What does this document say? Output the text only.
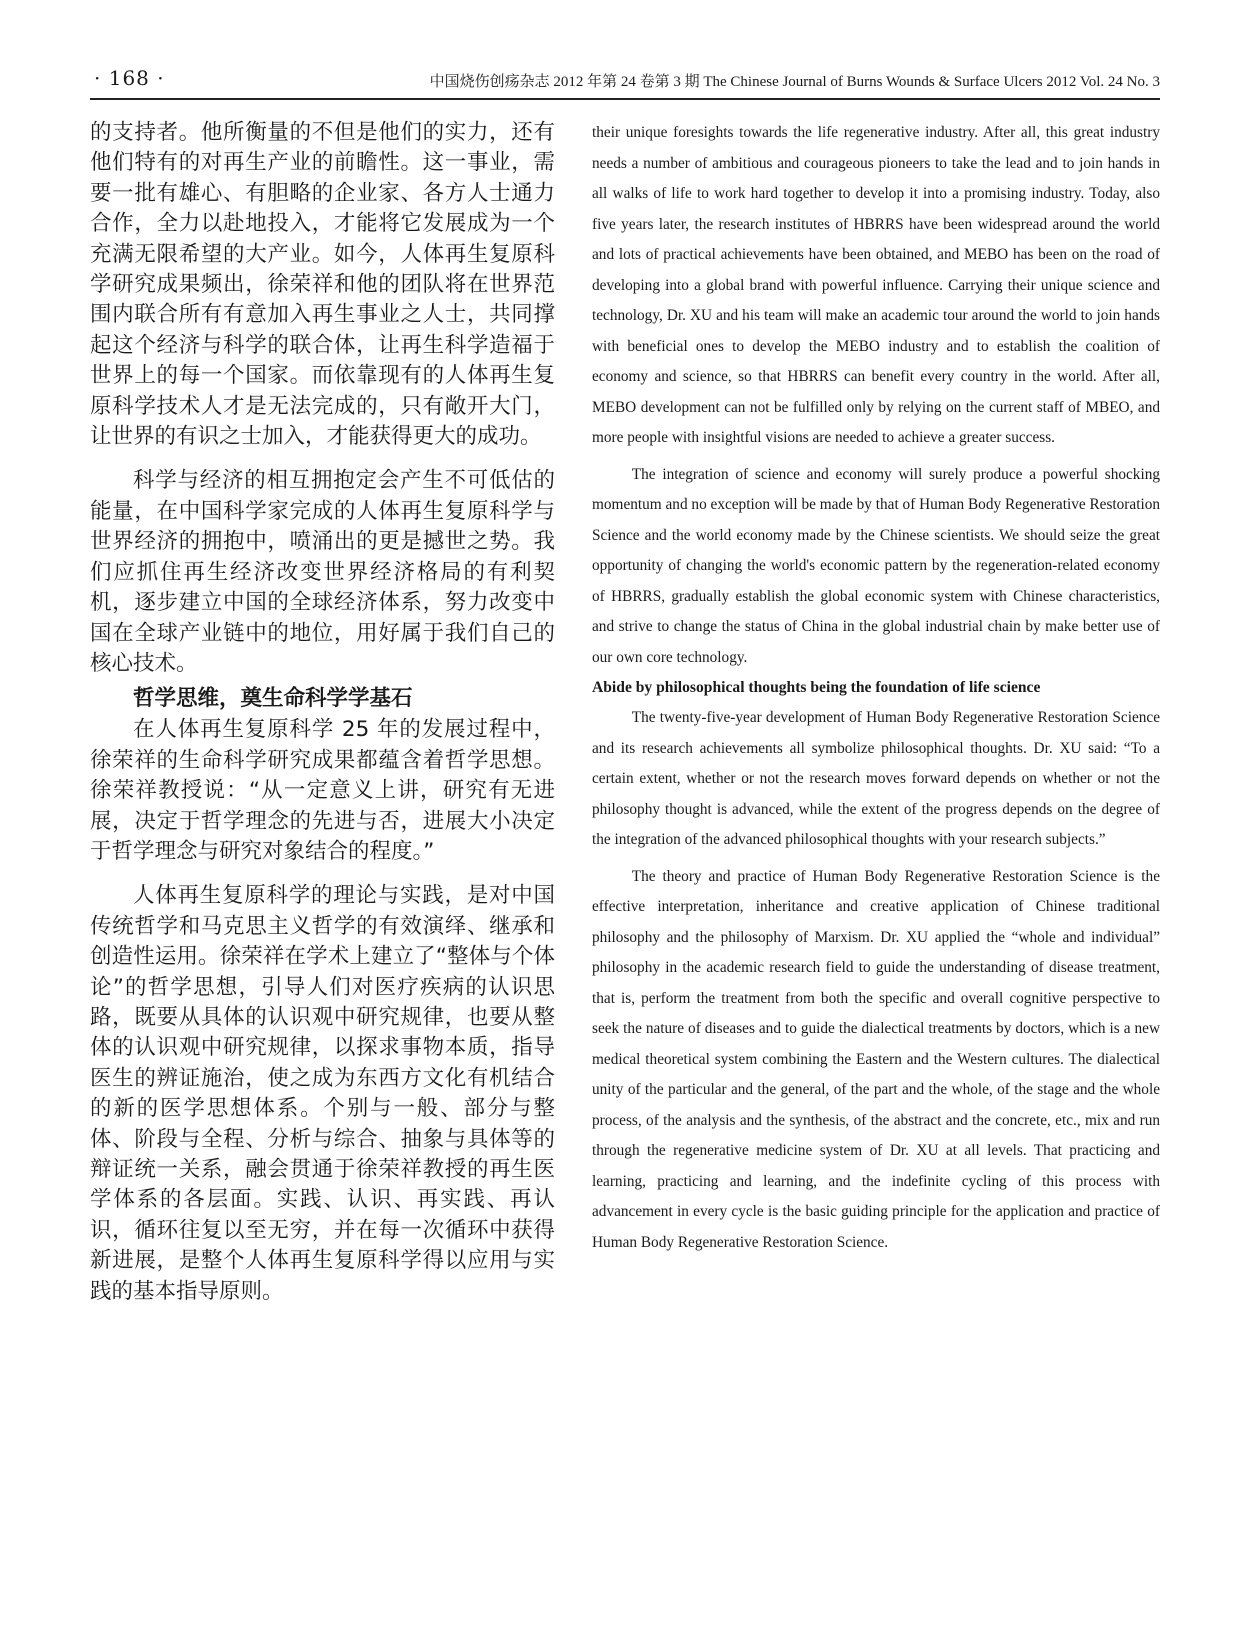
· 168 ·	中国烧伤创疡杂志 2012 年第 24 卷第 3 期 The Chinese Journal of Burns Wounds & Surface Ulcers 2012 Vol. 24 No. 3

的支持者。他所衡量的不但是他们的实力，还有他们特有的对再生产业的前瞻性。这一事业，需要一批有雄心、有胆略的企业家、各方人士通力合作，全力以赴地投入，才能将它发展成为一个充满无限希望的大产业。如今，人体再生复原科学研究成果频出，徐荣祥和他的团队将在世界范围内联合所有有意加入再生事业之人士，共同撑起这个经济与科学的联合体，让再生科学造福于世界上的每一个国家。而依靠现有的人体再生复原科学技术人才是无法完成的，只有敞开大门，让世界的有识之士加入，才能获得更大的成功。

科学与经济的相互拥抱定会产生不可低估的能量，在中国科学家完成的人体再生复原科学与世界经济的拥抱中，喷涌出的更是撼世之势。我们应抓住再生经济改变世界经济格局的有利契机，逐步建立中国的全球经济体系，努力改变中国在全球产业链中的地位，用好属于我们自己的核心技术。

哲学思维，奠生命科学学基石

在人体再生复原科学 25 年的发展过程中，徐荣祥的生命科学研究成果都蕴含着哲学思想。徐荣祥教授说：“从一定意义上讲，研究有无进展，决定于哲学理念的先进与否，进展大小决定于哲学理念与研究对象结合的程度。”

人体再生复原科学的理论与实践，是对中国传统哲学和马克思主义哲学的有效演绎、继承和创造性运用。徐荣祥在学术上建立了“整体与个体论”的哲学思想，引导人们对医疗疾病的认识思路，既要从具体的认识观中研究规律，也要从整体的认识观中研究规律，以探求事物本质，指导医生的辨证施治，使之成为东西方文化有机结合的新的医学思想体系。个别与一般、部分与整体、阶段与全程、分析与综合、抽象与具体等的辩证统一关系，融会贯通于徐荣祥教授的再生医学体系的各层面。实践、认识、再实践、再认识，循环往复以至无穷，并在每一次循环中获得新进展，是整个人体再生复原科学得以应用与实践的基本指导原则。

their unique foresights towards the life regenerative industry. After all, this great industry needs a number of ambitious and courageous pioneers to take the lead and to join hands in all walks of life to work hard together to develop it into a promising industry. Today, also five years later, the research institutes of HBRRS have been widespread around the world and lots of practical achievements have been obtained, and MEBO has been on the road of developing into a global brand with powerful influence. Carrying their unique science and technology, Dr. XU and his team will make an academic tour around the world to join hands with beneficial ones to develop the MEBO industry and to establish the coalition of economy and science, so that HBRRS can benefit every country in the world. After all, MEBO development can not be fulfilled only by relying on the current staff of MBEO, and more people with insightful visions are needed to achieve a greater success.

The integration of science and economy will surely produce a powerful shocking momentum and no exception will be made by that of Human Body Regenerative Restoration Science and the world economy made by the Chinese scientists. We should seize the great opportunity of changing the world's economic pattern by the regeneration-related economy of HBRRS, gradually establish the global economic system with Chinese characteristics, and strive to change the status of China in the global industrial chain by make better use of our own core technology.

Abide by philosophical thoughts being the foundation of life science

The twenty-five-year development of Human Body Regenerative Restoration Science and its research achievements all symbolize philosophical thoughts. Dr. XU said: “To a certain extent, whether or not the research moves forward depends on whether or not the philosophy thought is advanced, while the extent of the progress depends on the degree of the integration of the advanced philosophical thoughts with your research subjects.”

The theory and practice of Human Body Regenerative Restoration Science is the effective interpretation, inheritance and creative application of Chinese traditional philosophy and the philosophy of Marxism. Dr. XU applied the “whole and individual” philosophy in the academic research field to guide the understanding of disease treatment, that is, perform the treatment from both the specific and overall cognitive perspective to seek the nature of diseases and to guide the dialectical treatments by doctors, which is a new medical theoretical system combining the Eastern and the Western cultures. The dialectical unity of the particular and the general, of the part and the whole, of the stage and the whole process, of the analysis and the synthesis, of the abstract and the concrete, etc., mix and run through the regenerative medicine system of Dr. XU at all levels. That practicing and learning, practicing and learning, and the indefinite cycling of this process with advancement in every cycle is the basic guiding principle for the application and practice of Human Body Regenerative Restoration Science.
